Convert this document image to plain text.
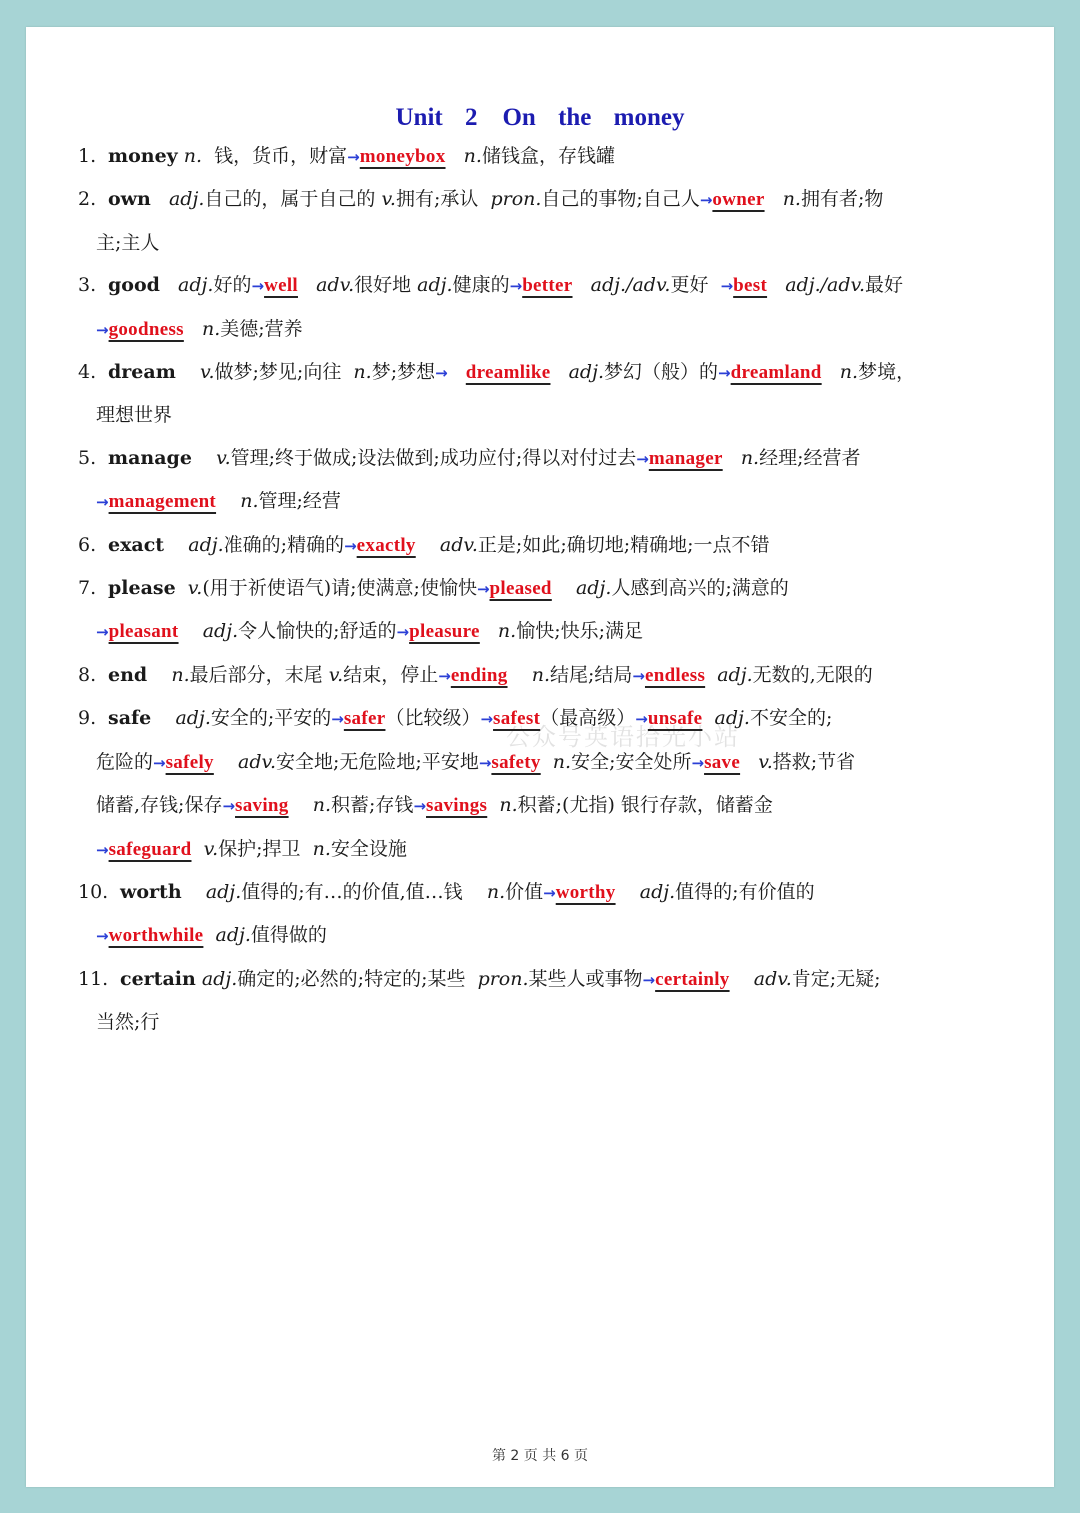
Unit 2　On the money
公众号英语拾光小站
1. money n.  钱，货币，财富→moneybox n.储钱盒，存钱罐
2. own adj.自己的，属于自己的 v.拥有;承认  pron.自己的事物;自己人→owner n.拥有者;物
主;主人
3. good adj.好的→well adv.很好地 adj.健康的→better adj./adv.更好  →best adj./adv.最好
→goodness n.美德;营养
4. dream v.做梦;梦见;向往  n.梦;梦想→ dreamlike adj.梦幻（般）的→dreamland n.梦境，
理想世界
5. manage v.管理;终于做成;设法做到;成功应付;得以对付过去→manager n.经理;经营者
→management n.管理;经营
6. exact adj.准确的;精确的→exactly adv.正是;如此;确切地;精确地;一点不错
7. please v.(用于祈使语气)请;使满意;使愉快→pleased adj.人感到高兴的;满意的
→pleasant adj.令人愉快的;舒适的→pleasure n.愉快;快乐;满足
8. end n.最后部分，末尾 v.结束，停止→ending n.结尾;结局→endless adj.无数的,无限的
9. safe adj.安全的;平安的→safer（比较级）→safest（最高级）→unsafe adj.不安全的;
危险的→safely adv.安全地;无危险地;平安地→safety n.安全;安全处所→save v.搭救;节省
储蓄,存钱;保存→saving n.积蓄;存钱→savings n.积蓄;(尤指) 银行存款，储蓄金
→safeguard v.保护;捍卫  n.安全设施
10. worth adj.值得的;有…的价值,值…钱    n.价值→worthy adj.值得的;有价值的
→worthwhile adj.值得做的
11. certain adj.确定的;必然的;特定的;某些  pron.某些人或事物→certainly adv.肯定;无疑;
当然;行
第 2 页 共 6 页
